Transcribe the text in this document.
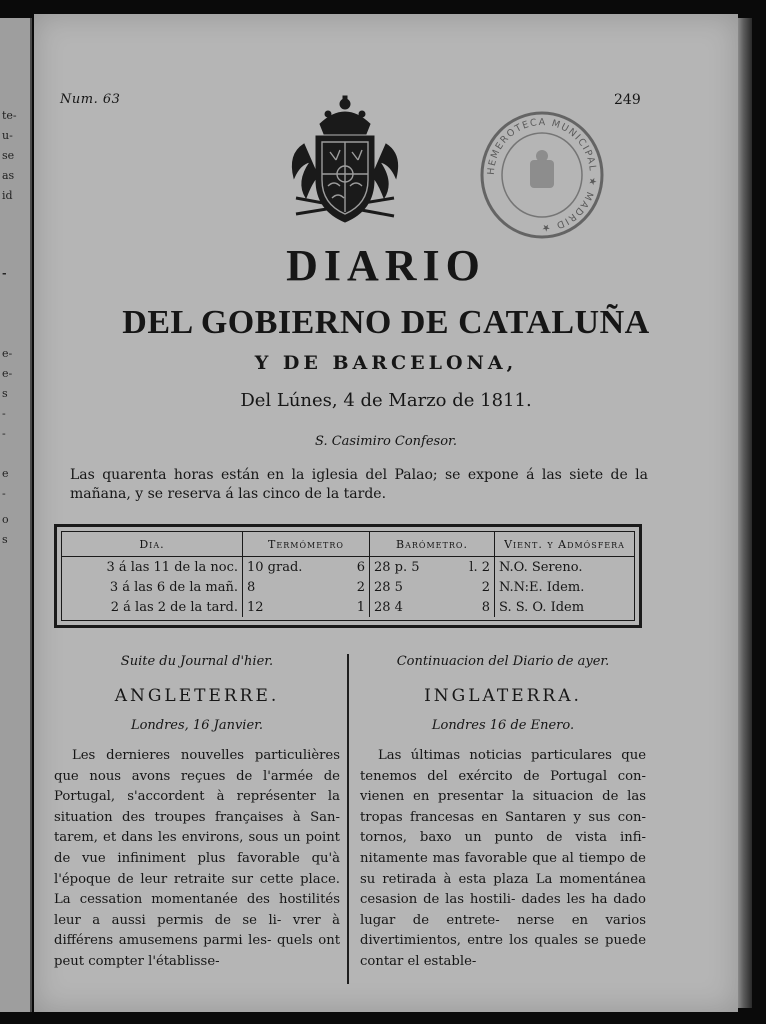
te-
u-
se
as
id
-
e-
e-
s
-
-
e
-
o
s
Num. 63	249
HEMEROTECA MUNICIPAL ★ MADRID ★
DIARIO
DEL GOBIERNO DE CATALUÑA
Y DE BARCELONA,
Del Lúnes, 4 de Marzo de 1811.
S. Casimiro Confesor.
Las quarenta horas están en la iglesia del Palao; se expone á las siete de la mañana, y se reserva á las cinco de la tarde.
Dia.	Termómetro	Barómetro.	Vient. y Admósfera
3 á las 11 de la noc.	10 grad. 6	28 p. 5 l. 2	N.O. Sereno.
3 á las 6 de la mañ.	8 2	28 5 2	N.N:E. Idem.
2 á las 2 de la tard.	12 1	28 4 8	S. S. O. Idem
Suite du Journal d'hier.
ANGLETERRE.
Londres, 16 Janvier.
Les dernieres nouvelles particulières que nous avons reçues de l'armée de Portugal, s'accordent à représenter la situation des troupes françaises à San- tarem, et dans les environs, sous un point de vue infiniment plus favorable qu'à l'époque de leur retraite sur cette place. La cessation momentanée des hostilités leur a aussi permis de se li- vrer à différens amusemens parmi les- quels ont peut compter l'établisse-
Continuacion del Diario de ayer.
INGLATERRA.
Londres 16 de Enero.
Las últimas noticias particulares que tenemos del exército de Portugal con- vienen en presentar la situacion de las tropas francesas en Santaren y sus con- tornos, baxo un punto de vista infi- nitamente mas favorable que al tiempo de su retirada à esta plaza La momentánea cesasion de las hostili- dades les ha dado lugar de entrete- nerse en varios divertimientos, entre los quales se puede contar el estable-
